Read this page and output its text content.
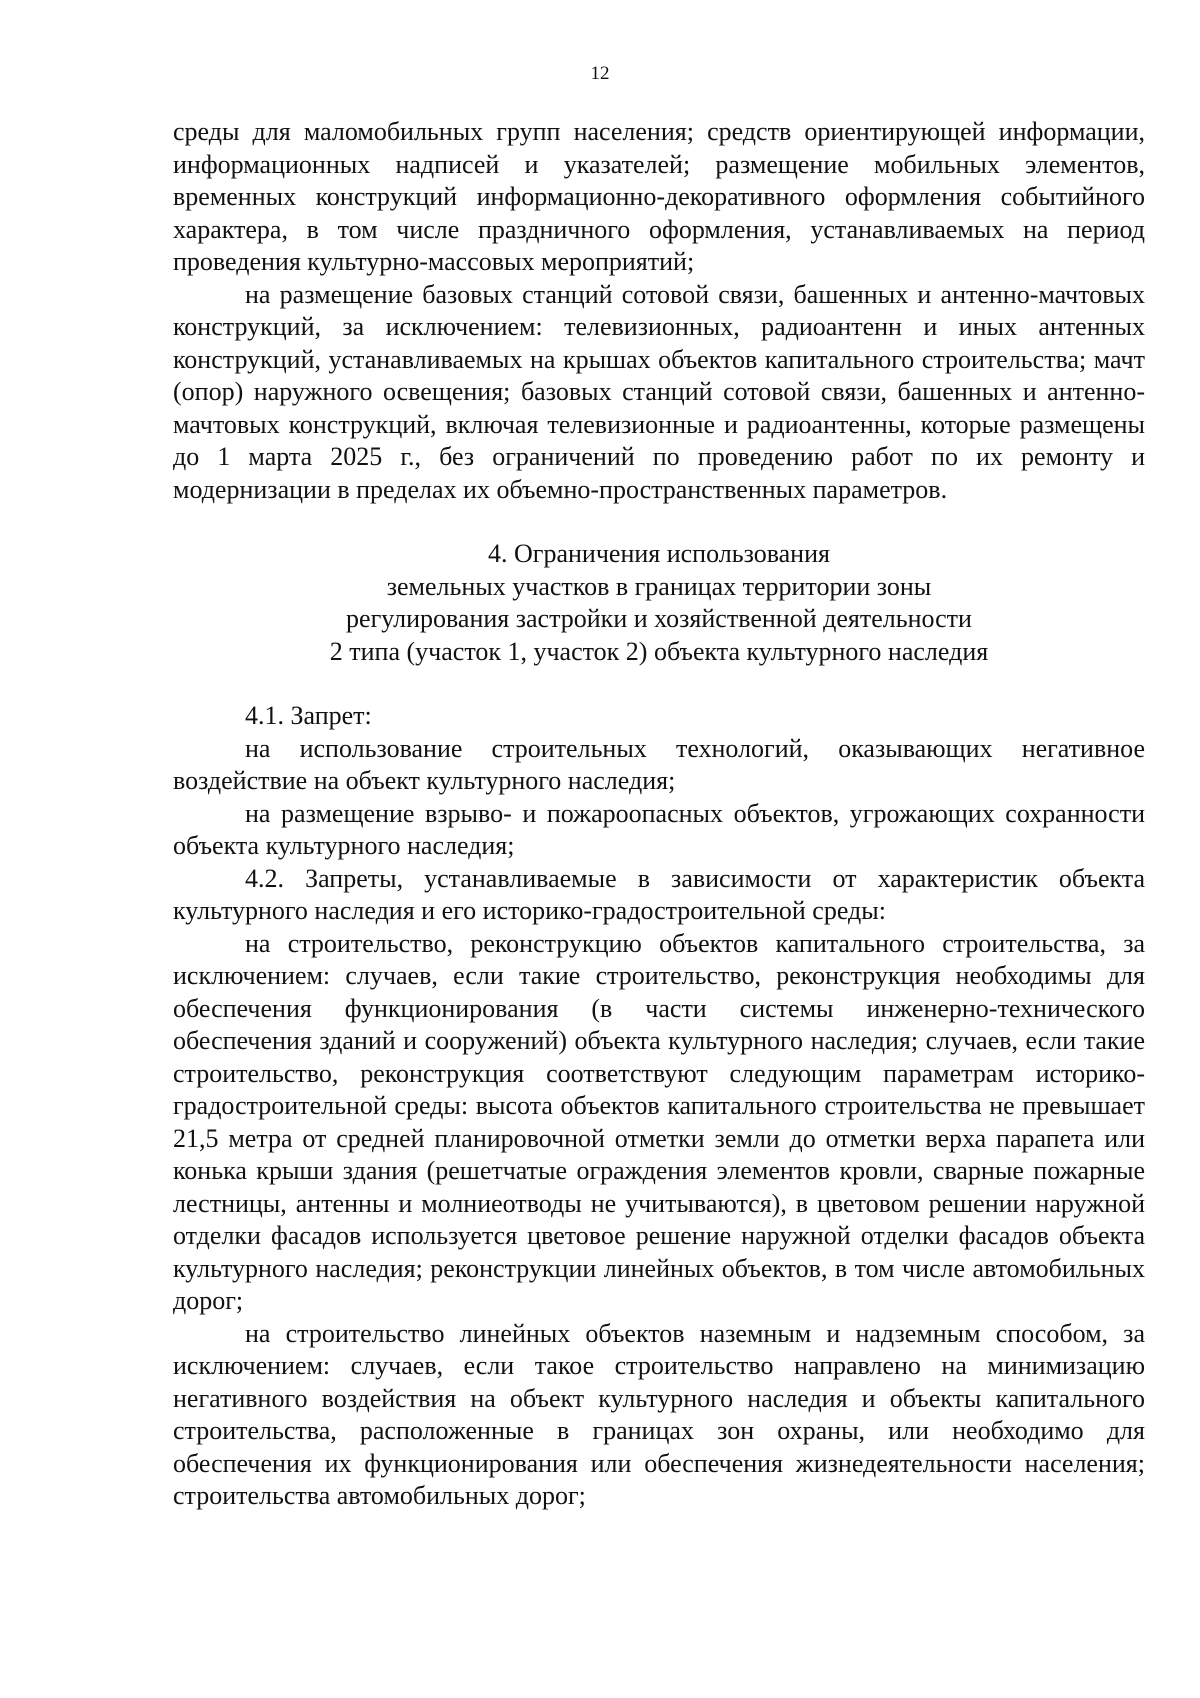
12

среды для маломобильных групп населения; средств ориентирующей информации, информационных надписей и указателей; размещение мобильных элементов, временных конструкций информационно-декоративного оформления событийного характера, в том числе праздничного оформления, устанавливаемых на период проведения культурно-массовых мероприятий;

на размещение базовых станций сотовой связи, башенных и антенно-мачтовых конструкций, за исключением: телевизионных, радиоантенн и иных антенных конструкций, устанавливаемых на крышах объектов капитального строительства; мачт (опор) наружного освещения; базовых станций сотовой связи, башенных и антенно-мачтовых конструкций, включая телевизионные и радиоантенны, которые размещены до 1 марта 2025 г., без ограничений по проведению работ по их ремонту и модернизации в пределах их объемно-пространственных параметров.

4. Ограничения использования
земельных участков в границах территории зоны
регулирования застройки и хозяйственной деятельности
2 типа (участок 1, участок 2) объекта культурного наследия

4.1. Запрет:

на использование строительных технологий, оказывающих негативное воздействие на объект культурного наследия;

на размещение взрыво- и пожароопасных объектов, угрожающих сохранности объекта культурного наследия;

4.2. Запреты, устанавливаемые в зависимости от характеристик объекта культурного наследия и его историко-градостроительной среды:

на строительство, реконструкцию объектов капитального строительства, за исключением: случаев, если такие строительство, реконструкция необходимы для обеспечения функционирования (в части системы инженерно-технического обеспечения зданий и сооружений) объекта культурного наследия; случаев, если такие строительство, реконструкция соответствуют следующим параметрам историко-градостроительной среды: высота объектов капитального строительства не превышает 21,5 метра от средней планировочной отметки земли до отметки верха парапета или конька крыши здания (решетчатые ограждения элементов кровли, сварные пожарные лестницы, антенны и молниеотводы не учитываются), в цветовом решении наружной отделки фасадов используется цветовое решение наружной отделки фасадов объекта культурного наследия; реконструкции линейных объектов, в том числе автомобильных дорог;

на строительство линейных объектов наземным и надземным способом, за исключением: случаев, если такое строительство направлено на минимизацию негативного воздействия на объект культурного наследия и объекты капитального строительства, расположенные в границах зон охраны, или необходимо для обеспечения их функционирования или обеспечения жизнедеятельности населения; строительства автомобильных дорог;
